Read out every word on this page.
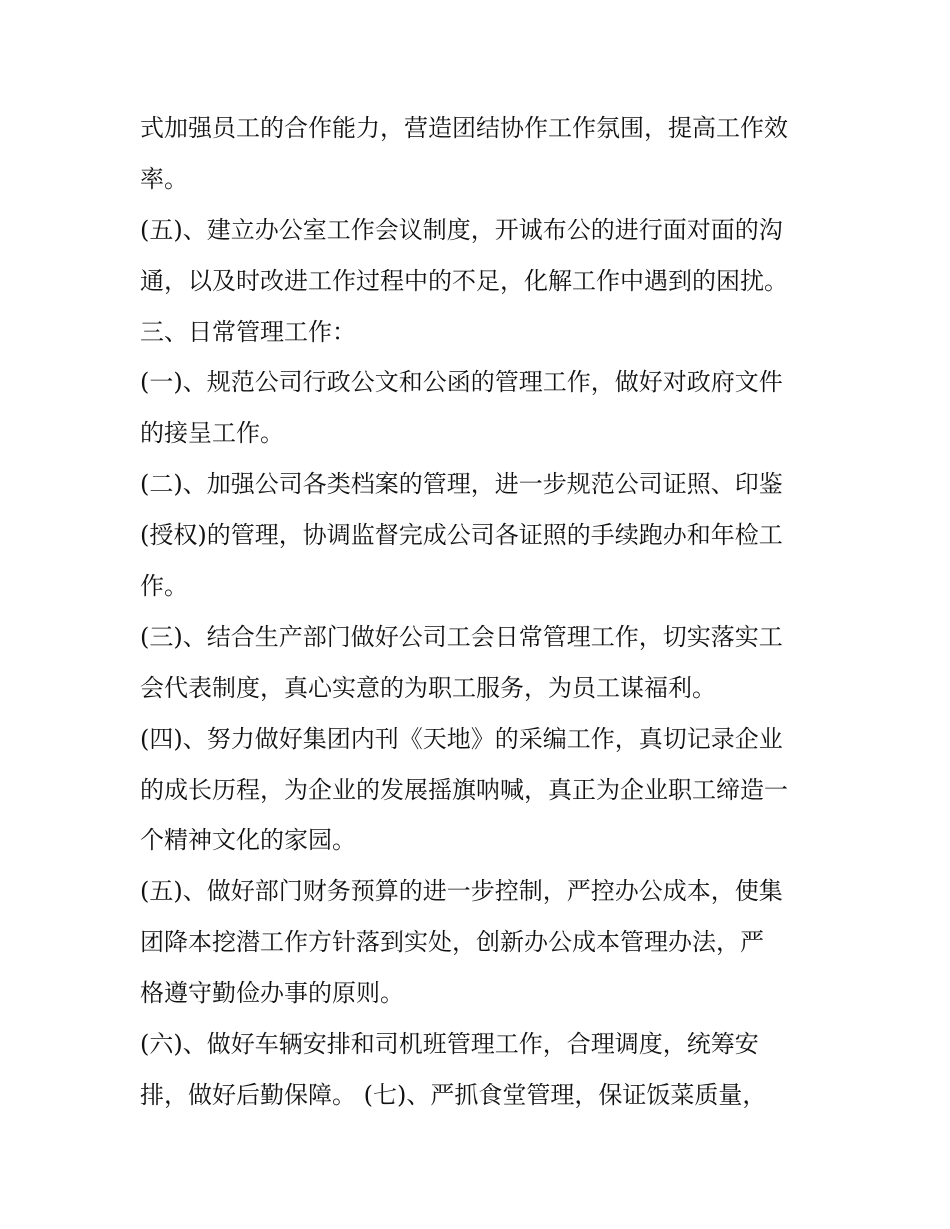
式加强员工的合作能力，营造团结协作工作氛围，提高工作效
率。
(五)、建立办公室工作会议制度，开诚布公的进行面对面的沟
通，以及时改进工作过程中的不足，化解工作中遇到的困扰。
三、日常管理工作：
(一)、规范公司行政公文和公函的管理工作，做好对政府文件
的接呈工作。
(二)、加强公司各类档案的管理，进一步规范公司证照、印鉴
(授权)的管理，协调监督完成公司各证照的手续跑办和年检工
作。
(三)、结合生产部门做好公司工会日常管理工作，切实落实工
会代表制度，真心实意的为职工服务，为员工谋福利。
(四)、努力做好集团内刊《天地》的采编工作，真切记录企业
的成长历程，为企业的发展摇旗呐喊，真正为企业职工缔造一
个精神文化的家园。
(五)、做好部门财务预算的进一步控制，严控办公成本，使集
团降本挖潜工作方针落到实处，创新办公成本管理办法，严
格遵守勤俭办事的原则。
(六)、做好车辆安排和司机班管理工作，合理调度，统筹安
排，做好后勤保障。 (七)、严抓食堂管理，保证饭菜质量，
